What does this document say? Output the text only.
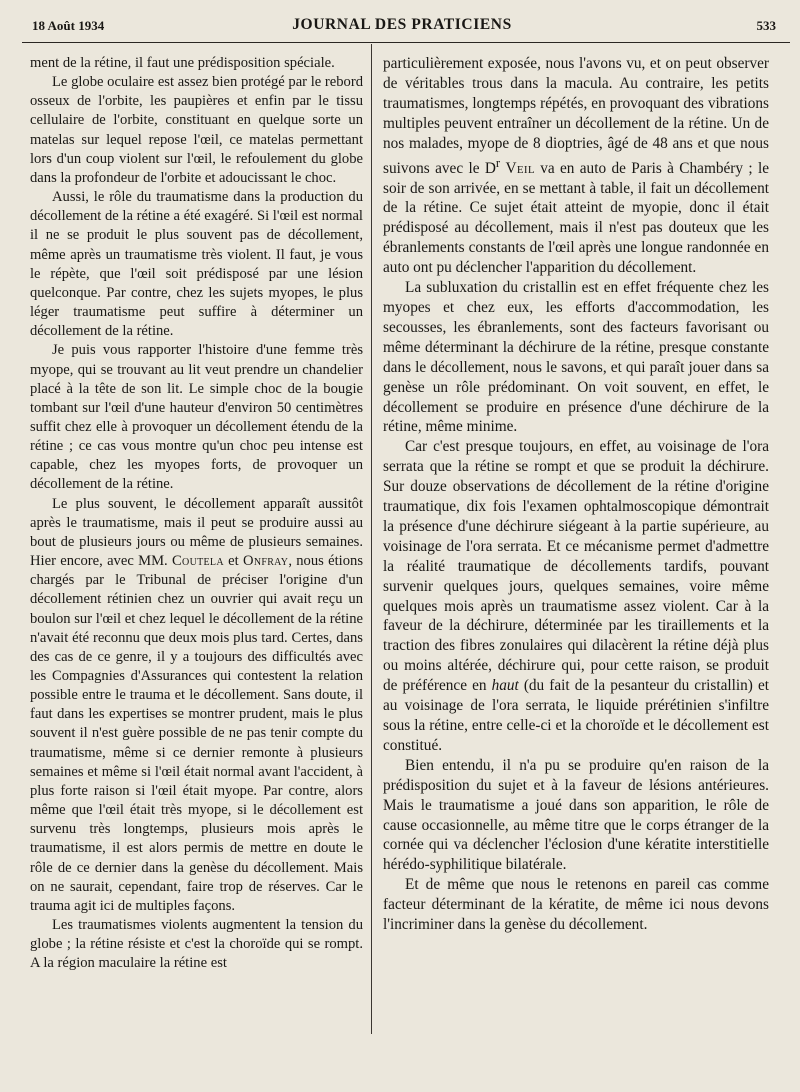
18 Août 1934	JOURNAL DES PRATICIENS	533

ment de la rétine, il faut une prédisposition spéciale.

Le globe oculaire est assez bien protégé par le rebord osseux de l'orbite, les paupières et enfin par le tissu cellulaire de l'orbite, constituant en quelque sorte un matelas sur lequel repose l'œil, ce matelas permettant lors d'un coup violent sur l'œil, le refoulement du globe dans la profondeur de l'orbite et adoucissant le choc.

Aussi, le rôle du traumatisme dans la production du décollement de la rétine a été exagéré. Si l'œil est normal il ne se produit le plus souvent pas de décollement, même après un traumatisme très violent. Il faut, je vous le répète, que l'œil soit prédisposé par une lésion quelconque. Par contre, chez les sujets myopes, le plus léger traumatisme peut suffire à déterminer un décollement de la rétine.

Je puis vous rapporter l'histoire d'une femme très myope, qui se trouvant au lit veut prendre un chandelier placé à la tête de son lit. Le simple choc de la bougie tombant sur l'œil d'une hauteur d'environ 50 centimètres suffit chez elle à provoquer un décollement étendu de la rétine ; ce cas vous montre qu'un choc peu intense est capable, chez les myopes forts, de provoquer un décollement de la rétine.

Le plus souvent, le décollement apparaît aussitôt après le traumatisme, mais il peut se produire aussi au bout de plusieurs jours ou même de plusieurs semaines. Hier encore, avec MM. Coutela et Onfray, nous étions chargés par le Tribunal de préciser l'origine d'un décollement rétinien chez un ouvrier qui avait reçu un boulon sur l'œil et chez lequel le décollement de la rétine n'avait été reconnu que deux mois plus tard. Certes, dans des cas de ce genre, il y a toujours des difficultés avec les Compagnies d'Assurances qui contestent la relation possible entre le trauma et le décollement. Sans doute, il faut dans les expertises se montrer prudent, mais le plus souvent il n'est guère possible de ne pas tenir compte du traumatisme, même si ce dernier remonte à plusieurs semaines et même si l'œil était normal avant l'accident, à plus forte raison si l'œil était myope. Par contre, alors même que l'œil était très myope, si le décollement est survenu très longtemps, plusieurs mois après le traumatisme, il est alors permis de mettre en doute le rôle de ce dernier dans la genèse du décollement. Mais on ne saurait, cependant, faire trop de réserves. Car le trauma agit ici de multiples façons.

Les traumatismes violents augmentent la tension du globe ; la rétine résiste et c'est la choroïde qui se rompt. A la région maculaire la rétine est

particulièrement exposée, nous l'avons vu, et on peut observer de véritables trous dans la macula. Au contraire, les petits traumatismes, longtemps répétés, en provoquant des vibrations multiples peuvent entraîner un décollement de la rétine. Un de nos malades, myope de 8 dioptries, âgé de 48 ans et que nous suivons avec le $D^r$ Veil va en auto de Paris à Chambéry ; le soir de son arrivée, en se mettant à table, il fait un décollement de la rétine. Ce sujet était atteint de myopie, donc il était prédisposé au décollement, mais il n'est pas douteux que les ébranlements constants de l'œil après une longue randonnée en auto ont pu déclencher l'apparition du décollement.

La subluxation du cristallin est en effet fréquente chez les myopes et chez eux, les efforts d'accommodation, les secousses, les ébranlements, sont des facteurs favorisant ou même déterminant la déchirure de la rétine, presque constante dans le décollement, nous le savons, et qui paraît jouer dans sa genèse un rôle prédominant. On voit souvent, en effet, le décollement se produire en présence d'une déchirure de la rétine, même minime.

Car c'est presque toujours, en effet, au voisinage de l'ora serrata que la rétine se rompt et que se produit la déchirure. Sur douze observations de décollement de la rétine d'origine traumatique, dix fois l'examen ophtalmoscopique démontrait la présence d'une déchirure siégeant à la partie supérieure, au voisinage de l'ora serrata. Et ce mécanisme permet d'admettre la réalité traumatique de décollements tardifs, pouvant survenir quelques jours, quelques semaines, voire même quelques mois après un traumatisme assez violent. Car à la faveur de la déchirure, déterminée par les tiraillements et la traction des fibres zonulaires qui dilacèrent la rétine déjà plus ou moins altérée, déchirure qui, pour cette raison, se produit de préférence en haut (du fait de la pesanteur du cristallin) et au voisinage de l'ora serrata, le liquide prérétinien s'infiltre sous la rétine, entre celle-ci et la choroïde et le décollement est constitué.

Bien entendu, il n'a pu se produire qu'en raison de la prédisposition du sujet et à la faveur de lésions antérieures. Mais le traumatisme a joué dans son apparition, le rôle de cause occasionnelle, au même titre que le corps étranger de la cornée qui va déclencher l'éclosion d'une kératite interstitielle hérédo-syphilitique bilatérale.

Et de même que nous le retenons en pareil cas comme facteur déterminant de la kératite, de même ici nous devons l'incriminer dans la genèse du décollement.
